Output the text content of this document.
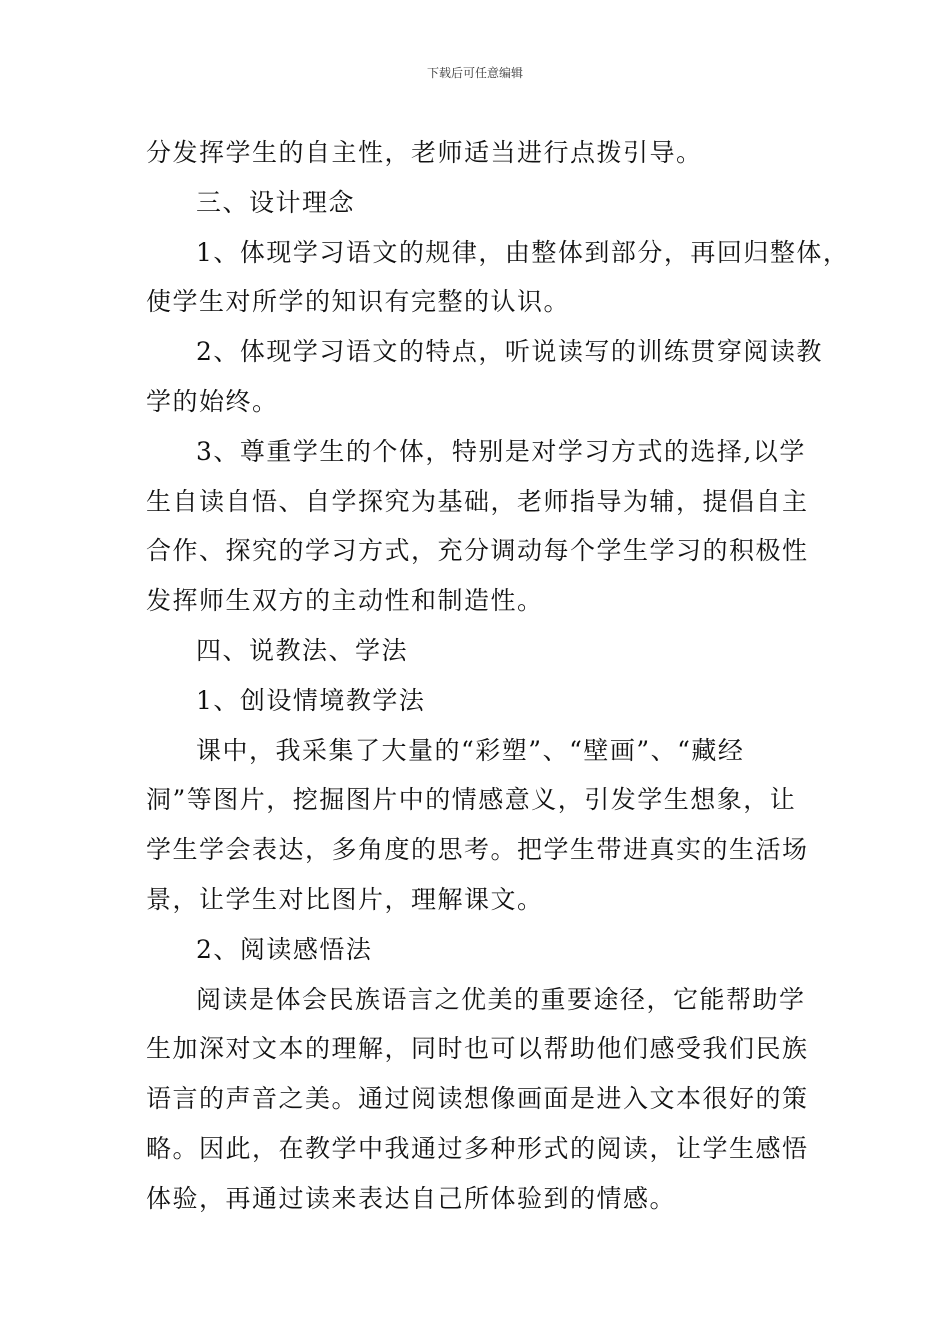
下载后可任意编辑
分发挥学生的自主性，老师适当进行点拨引导。
三、设计理念
1、体现学习语文的规律，由整体到部分，再回归整体，
使学生对所学的知识有完整的认识。
2、体现学习语文的特点，听说读写的训练贯穿阅读教
学的始终。
3、尊重学生的个体，特别是对学习方式的选择,以学
生自读自悟、自学探究为基础，老师指导为辅，提倡自主
合作、探究的学习方式，充分调动每个学生学习的积极性
发挥师生双方的主动性和制造性。
四、说教法、学法
1、创设情境教学法
课中，我采集了大量的“彩塑”、“壁画”、“藏经
洞”等图片，挖掘图片中的情感意义，引发学生想象，让
学生学会表达，多角度的思考。把学生带进真实的生活场
景，让学生对比图片，理解课文。
2、阅读感悟法
阅读是体会民族语言之优美的重要途径，它能帮助学
生加深对文本的理解，同时也可以帮助他们感受我们民族
语言的声音之美。通过阅读想像画面是进入文本很好的策
略。因此，在教学中我通过多种形式的阅读，让学生感悟
体验，再通过读来表达自己所体验到的情感。
